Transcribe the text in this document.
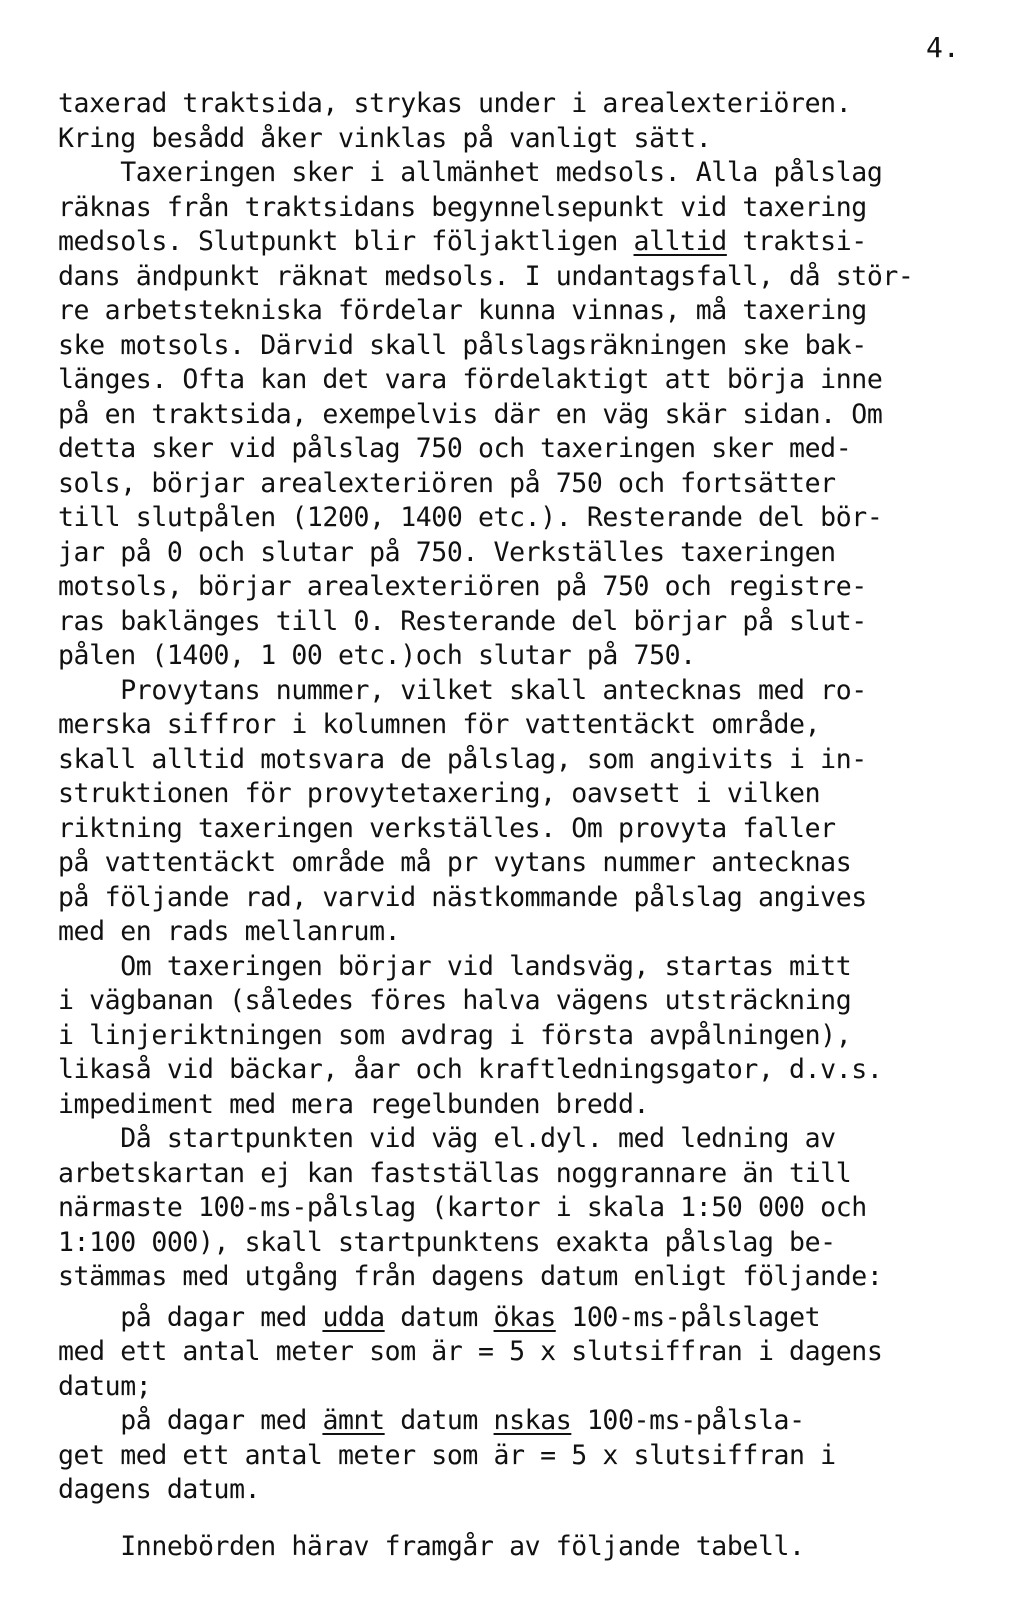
4.
taxerad traktsida, strykas under i arealexteriören.
Kring besådd åker vinklas på vanligt sätt.
Taxeringen sker i allmänhet medsols. Alla pålslag
räknas från traktsidans begynnelsepunkt vid taxering
medsols. Slutpunkt blir följaktligen alltid traktsi-
dans ändpunkt räknat medsols. I undantagsfall, då stör-
re arbetstekniska fördelar kunna vinnas, må taxering
ske motsols. Därvid skall pålslagsräkningen ske bak-
länges. Ofta kan det vara fördelaktigt att börja inne
på en traktsida, exempelvis där en väg skär sidan. Om
detta sker vid pålslag 750 och taxeringen sker med-
sols, börjar arealexteriören på 750 och fortsätter
till slutpålen (1200, 1400 etc.). Resterande del bör-
jar på 0 och slutar på 750. Verkställes taxeringen
motsols, börjar arealexteriören på 750 och registre-
ras baklänges till 0. Resterande del börjar på slut-
pålen (1400, 1 00 etc.)och slutar på 750.
Provytans nummer, vilket skall antecknas med ro-
merska siffror i kolumnen för vattentäckt område,
skall alltid motsvara de pålslag, som angivits i in-
struktionen för provytetaxering, oavsett i vilken
riktning taxeringen verkställes. Om provyta faller
på vattentäckt område må pr vytans nummer antecknas
på följande rad, varvid nästkommande pålslag angives
med en rads mellanrum.
Om taxeringen börjar vid landsväg, startas mitt
i vägbanan (således föres halva vägens utsträckning
i linjeriktningen som avdrag i första avpålningen),
likaså vid bäckar, åar och kraftledningsgator, d.v.s.
impediment med mera regelbunden bredd.
Då startpunkten vid väg el.dyl. med ledning av
arbetskartan ej kan fastställas noggrannare än till
närmaste 100-ms-pålslag (kartor i skala 1:50 000 och
1:100 000), skall startpunktens exakta pålslag be-
stämmas med utgång från dagens datum enligt följande:
på dagar med udda datum ökas 100-ms-pålslaget
med ett antal meter som är = 5 x slutsiffran i dagens
datum;
på dagar med ämnt datum nskas 100-ms-pålsla-
get med ett antal meter som är = 5 x slutsiffran i
dagens datum.
Innebörden härav framgår av följande tabell.
